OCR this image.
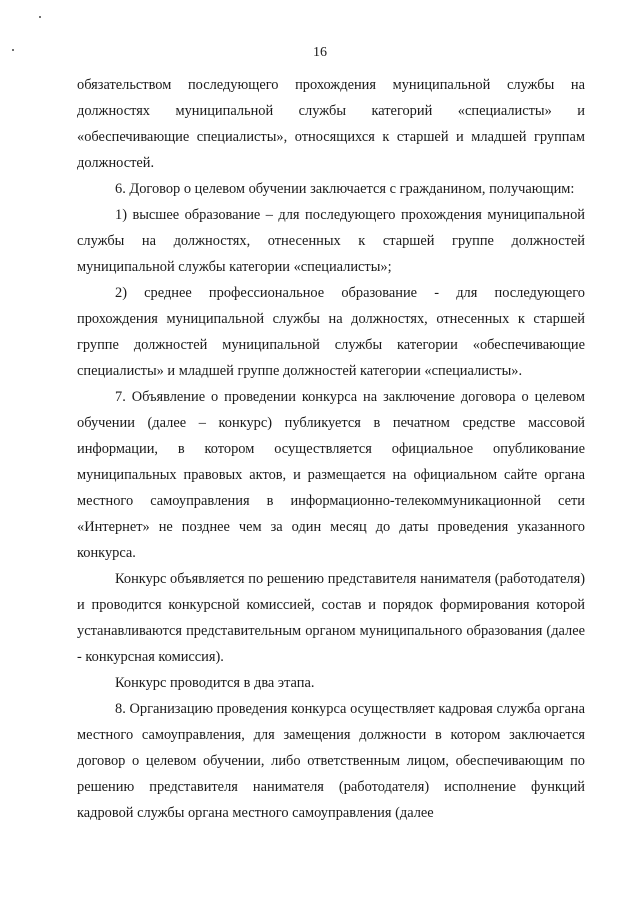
16

обязательством последующего прохождения муниципальной службы на должностях муниципальной службы категорий «специалисты» и «обеспечивающие специалисты», относящихся к старшей и младшей группам должностей.

6. Договор о целевом обучении заключается с гражданином, получающим:

1) высшее образование – для последующего прохождения муниципальной службы на должностях, отнесенных к старшей группе должностей муниципальной службы категории «специалисты»;

2) среднее профессиональное образование - для последующего прохождения муниципальной службы на должностях, отнесенных к старшей группе должностей муниципальной службы категории «обеспечивающие специалисты» и младшей группе должностей категории «специалисты».

7. Объявление о проведении конкурса на заключение договора о целевом обучении (далее – конкурс) публикуется в печатном средстве массовой информации, в котором осуществляется официальное опубликование муниципальных правовых актов, и размещается на официальном сайте органа местного самоуправления в информационно-телекоммуникационной сети «Интернет» не позднее чем за один месяц до даты проведения указанного конкурса.

Конкурс объявляется по решению представителя нанимателя (работодателя) и проводится конкурсной комиссией, состав и порядок формирования которой устанавливаются представительным органом муниципального образования (далее - конкурсная комиссия).

Конкурс проводится в два этапа.

8. Организацию проведения конкурса осуществляет кадровая служба органа местного самоуправления, для замещения должности в котором заключается договор о целевом обучении, либо ответственным лицом, обеспечивающим по решению представителя нанимателя (работодателя) исполнение функций кадровой службы органа местного самоуправления (далее
